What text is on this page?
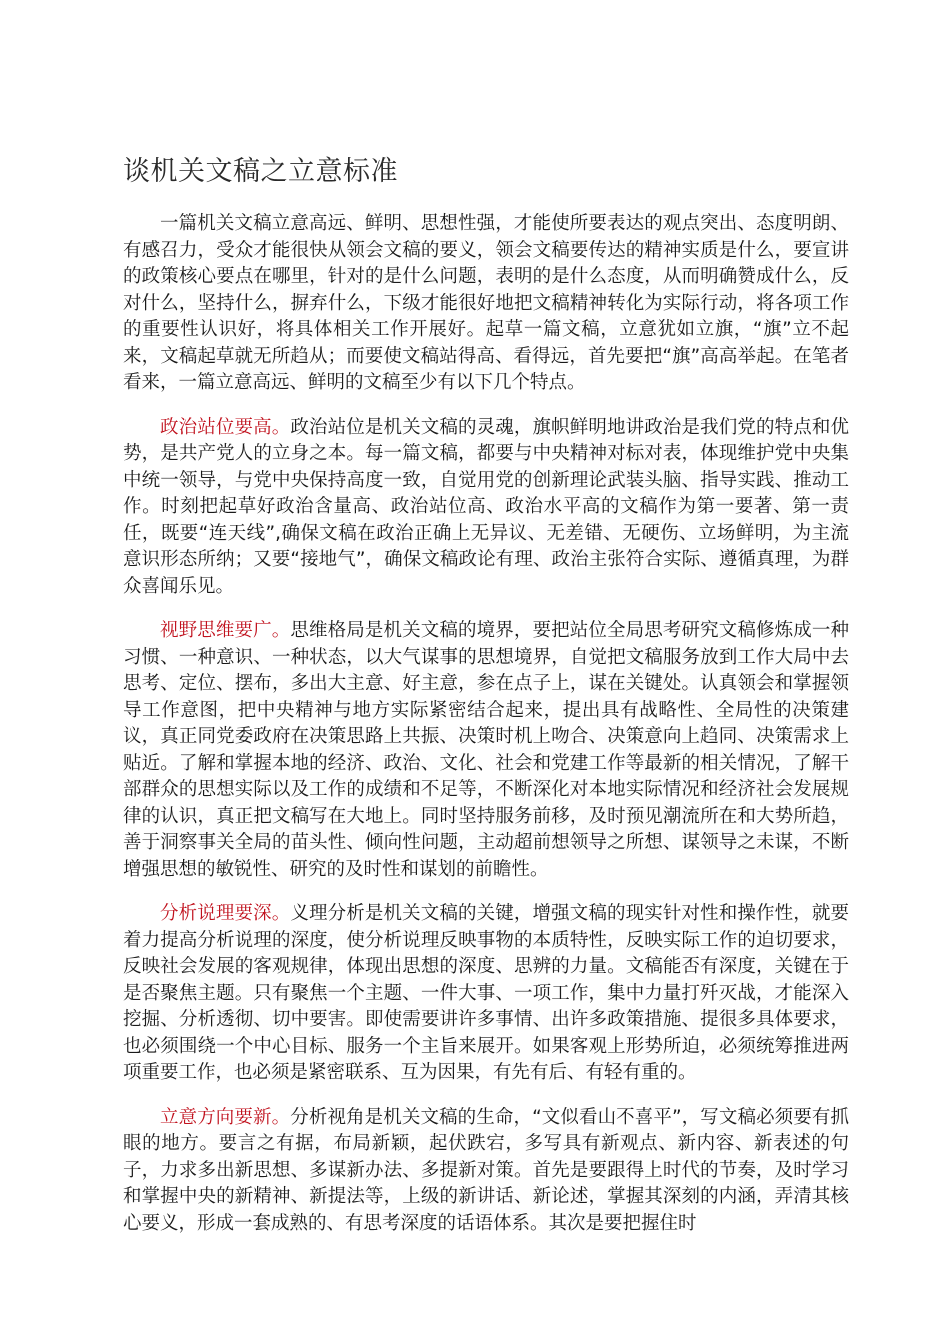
谈机关文稿之立意标准

一篇机关文稿立意高远、鲜明、思想性强，才能使所要表达的观点突出、态度明朗、有感召力，受众才能很快从领会文稿的要义，领会文稿要传达的精神实质是什么，要宣讲的政策核心要点在哪里，针对的是什么问题，表明的是什么态度，从而明确赞成什么，反对什么，坚持什么，摒弃什么，下级才能很好地把文稿精神转化为实际行动，将各项工作的重要性认识好，将具体相关工作开展好。起草一篇文稿，立意犹如立旗，“旗”立不起来，文稿起草就无所趋从；而要使文稿站得高、看得远，首先要把“旗”高高举起。在笔者看来，一篇立意高远、鲜明的文稿至少有以下几个特点。

政治站位要高。政治站位是机关文稿的灵魂，旗帜鲜明地讲政治是我们党的特点和优势，是共产党人的立身之本。每一篇文稿，都要与中央精神对标对表，体现维护党中央集中统一领导，与党中央保持高度一致，自觉用党的创新理论武装头脑、指导实践、推动工作。时刻把起草好政治含量高、政治站位高、政治水平高的文稿作为第一要著、第一责任，既要“连天线”,确保文稿在政治正确上无异议、无差错、无硬伤、立场鲜明，为主流意识形态所纳；又要“接地气”，确保文稿政论有理、政治主张符合实际、遵循真理，为群众喜闻乐见。

视野思维要广。思维格局是机关文稿的境界，要把站位全局思考研究文稿修炼成一种习惯、一种意识、一种状态，以大气谋事的思想境界，自觉把文稿服务放到工作大局中去思考、定位、摆布，多出大主意、好主意，参在点子上，谋在关键处。认真领会和掌握领导工作意图，把中央精神与地方实际紧密结合起来，提出具有战略性、全局性的决策建议，真正同党委政府在决策思路上共振、决策时机上吻合、决策意向上趋同、决策需求上贴近。了解和掌握本地的经济、政治、文化、社会和党建工作等最新的相关情况，了解干部群众的思想实际以及工作的成绩和不足等，不断深化对本地实际情况和经济社会发展规律的认识，真正把文稿写在大地上。同时坚持服务前移，及时预见潮流所在和大势所趋，善于洞察事关全局的苗头性、倾向性问题，主动超前想领导之所想、谋领导之未谋，不断增强思想的敏锐性、研究的及时性和谋划的前瞻性。

分析说理要深。义理分析是机关文稿的关键，增强文稿的现实针对性和操作性，就要着力提高分析说理的深度，使分析说理反映事物的本质特性，反映实际工作的迫切要求，反映社会发展的客观规律，体现出思想的深度、思辨的力量。文稿能否有深度，关键在于是否聚焦主题。只有聚焦一个主题、一件大事、一项工作，集中力量打歼灭战，才能深入挖掘、分析透彻、切中要害。即使需要讲许多事情、出许多政策措施、提很多具体要求，也必须围绕一个中心目标、服务一个主旨来展开。如果客观上形势所迫，必须统筹推进两项重要工作，也必须是紧密联系、互为因果，有先有后、有轻有重的。

立意方向要新。分析视角是机关文稿的生命，“文似看山不喜平”，写文稿必须要有抓眼的地方。要言之有据，布局新颖，起伏跌宕，多写具有新观点、新内容、新表述的句子，力求多出新思想、多谋新办法、多提新对策。首先是要跟得上时代的节奏，及时学习和掌握中央的新精神、新提法等，上级的新讲话、新论述，掌握其深刻的内涵，弄清其核心要义，形成一套成熟的、有思考深度的话语体系。其次是要把握住时
